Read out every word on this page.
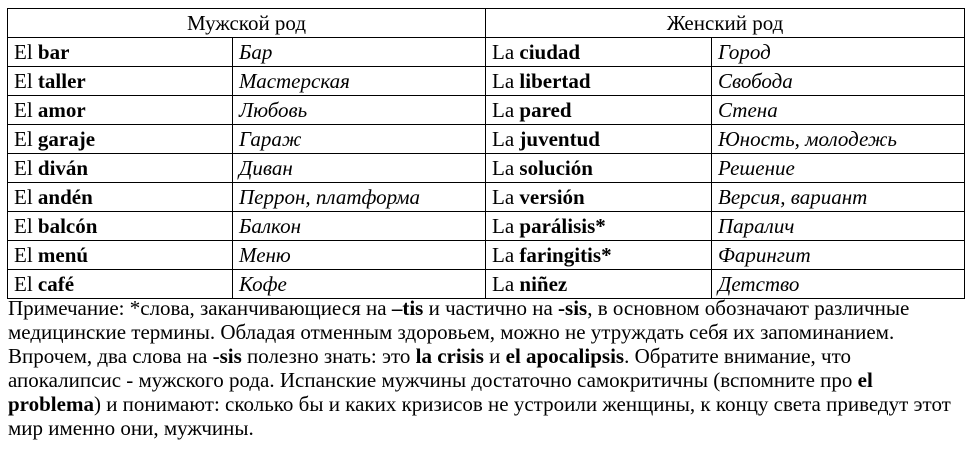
Мужской род		Женский род	
El bar	Бар	La ciudad	Город
El taller	Мастерская	La libertad	Свобода
El amor	Любовь	La pared	Стена
El garaje	Гараж	La juventud	Юность, молодежь
El diván	Диван	La solución	Решение
El andén	Перрон, платформа	La versión	Версия, вариант
El balcón	Балкон	La parálisis*	Паралич
El menú	Меню	La faringitis*	Фарингит
El café	Кофе	La niñez	Детство
Примечание: *слова, заканчивающиеся на –tis и частично на -sis, в основном обозначают различные медицинские термины. Обладая отменным здоровьем, можно не утруждать себя их запоминанием. Впрочем, два слова на -sis полезно знать: это la crisis и el apocalipsis. Обратите внимание, что апокалипсис - мужского рода. Испанские мужчины достаточно самокритичны (вспомните про el problema) и понимают: сколько бы и каких кризисов не устроили женщины, к концу света приведут этот мир именно они, мужчины.
